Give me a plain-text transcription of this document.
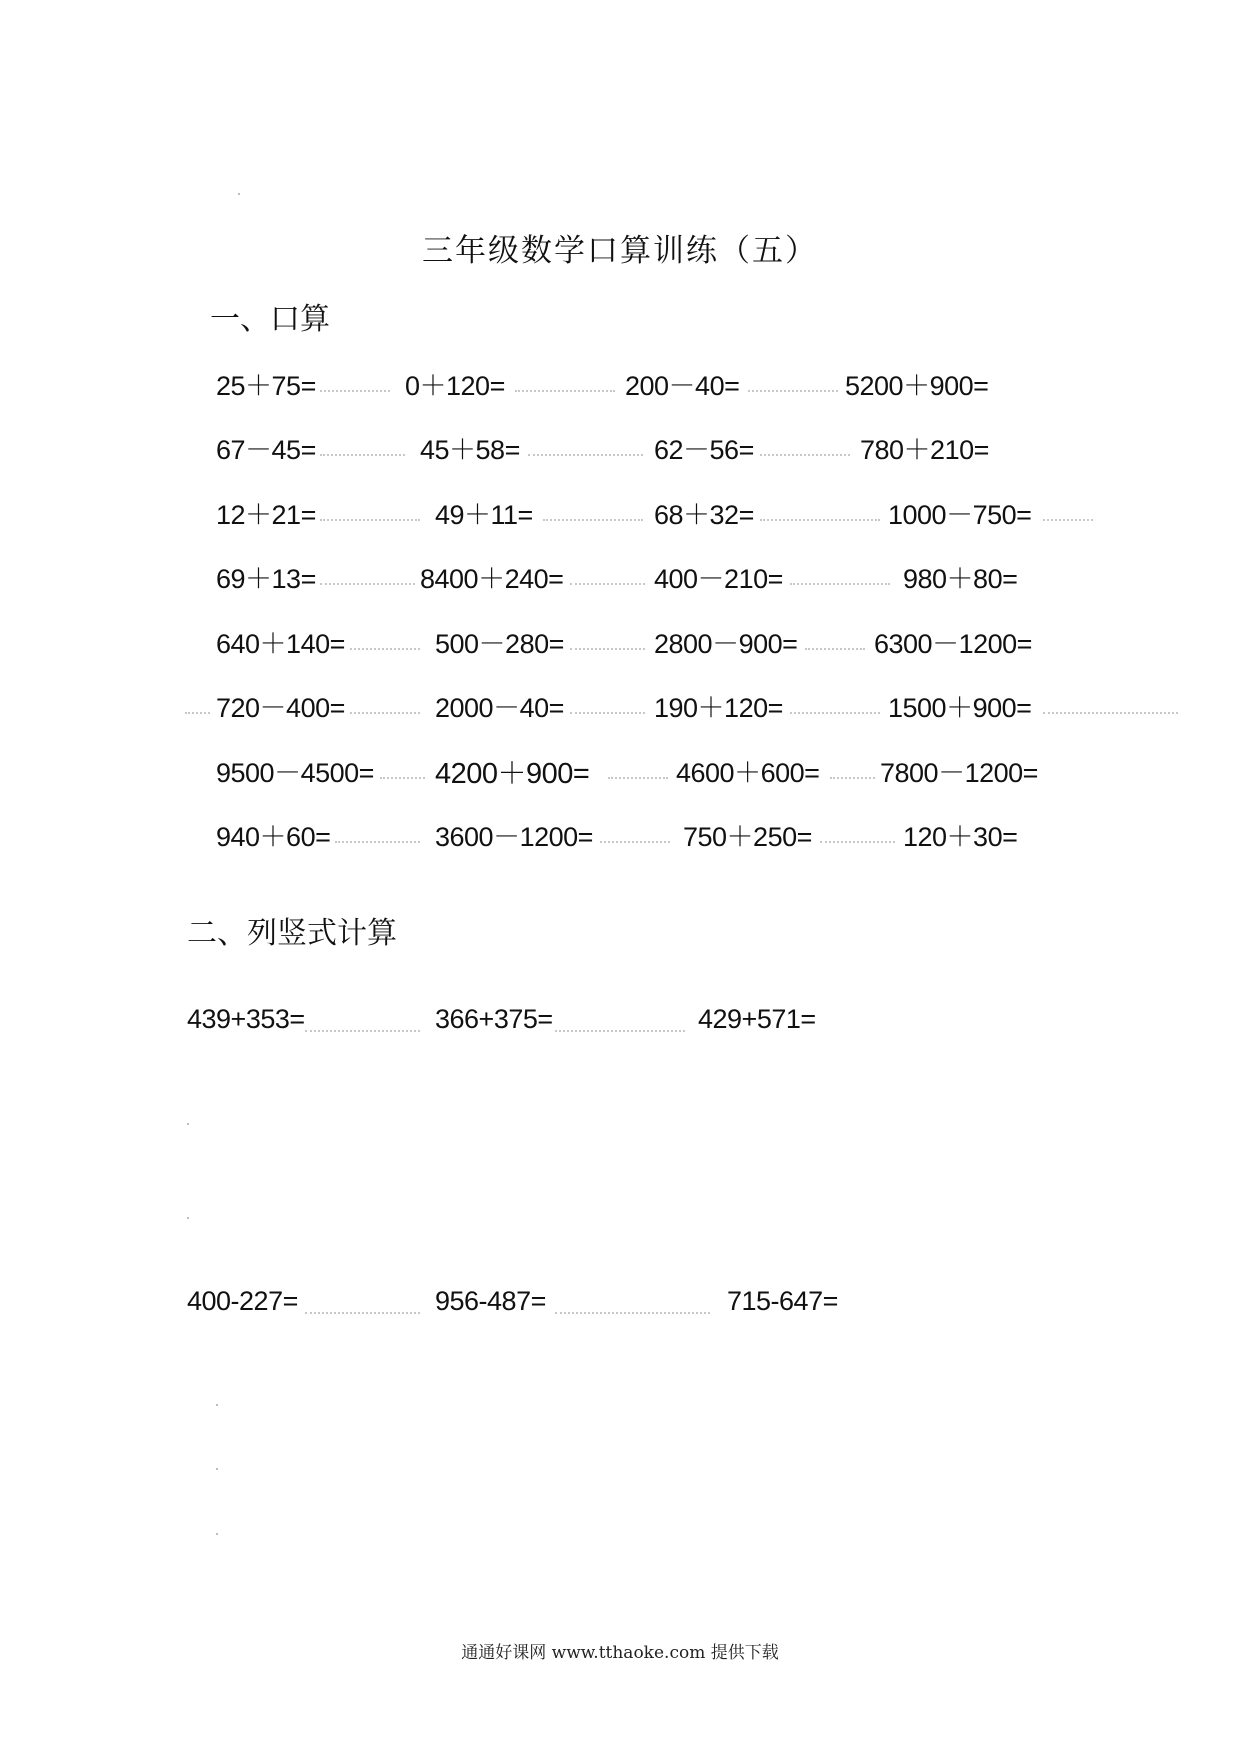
三年级数学口算训练（五）
一、口算
25＋75=	0＋120=	200－40=	5200＋900=
67－45=	45＋58=	62－56=	780＋210=
12＋21=	49＋11=	68＋32=	1000－750=
69＋13=	8400＋240=	400－210=	980＋80=
640＋140=	500－280=	2800－900=	6300－1200=
720－400=	2000－40=	190＋120=	1500＋900=
9500－4500= 4200＋900=	4600＋600= 7800－1200=
940＋60=	3600－1200=	750＋250=	120＋30=
二、列竖式计算
439+353=	366+375=	429+571=
400-227=	956-487=	715-647=
通通好课网 www.tthaoke.com 提供下载
